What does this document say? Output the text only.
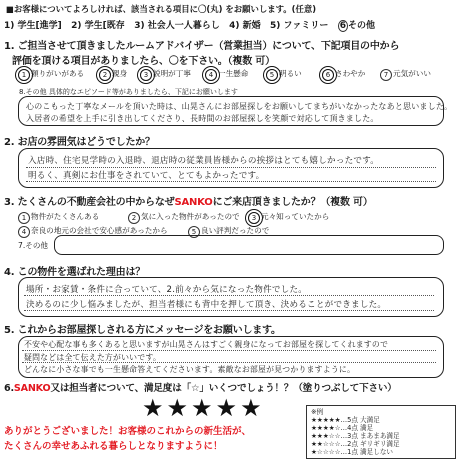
■お客様についてよろしければ、該当される項目に〇(丸) をお願いします。(任意)
1) 学生[進学] 2) 学生[既存 3) 社会人一人暮らし 4) 新婚 5) ファミリー 6 その他
1. ご担当させて頂きましたルームアドバイザー（営業担当）について、下記項目の中から
評価を頂ける項目がありましたら、〇を下さい。（複数 可）
1 頼りがいがある	2 親身	3 説明が丁寧	4 一生懸命	5 明るい	6 さわやか	7 元気がいい
8.その他 具体的なエピソード等がありましたら、下記にお願いします
心のこもった丁寧なメールを頂いた時は、山晃さんにお部屋探しをお願いしてまちがいなかったなあと思いました。
入居者の希望を上手に引き出してくださり、長時間のお部屋探しを笑顔で対応して頂きました。
2. お店の雰囲気はどうでしたか？
入店時、住宅見学時の入退時、退店時の従業員皆様からの挨拶はとても嬉しかったです。
明るく、真剣にお仕事をされていて、とてもよかったです。
3. たくさんの不動産会社の中からなぜSANKOにご来店頂きましたか？（複数 可）
1 物件がたくさんある	2 気に入った物件があったので	3 元々知っていたから
4 奈良の地元の会社で安心感があったから	5 良い評判だったので
7.その他
4. この物件を選ばれた理由は？
場所・お家賃・条件に合っていて、2.前々から気になった物件でした。
決めるのに少し悩みましたが、担当者様にも背中を押して頂き、決めることができました。
5. これからお部屋探しされる方にメッセージをお願いします。
不安や心配な事も多くあると思いますが山晃さんはすごく親身になってお部屋を探してくれますので
疑問などは全て伝えた方がいいです。
どんなに小さな事でも一生懸命答えてくださいます。素敵なお部屋が見つかりますように。
6.SANKO又は担当者について、満足度は「☆」いくつでしょう！？（塗りつぶして下さい）
★★★★★	※例
★★★★★…5点 大満足
★★★★☆…4点 満足
★★★☆☆…3点 まあまあ満足
★★☆☆☆…2点 ギリギリ満足
★☆☆☆☆…1点 満足しない
ありがとうございました！お客様のこれからの新生活が、
たくさんの幸せあふれる暮らしとなりますように！
